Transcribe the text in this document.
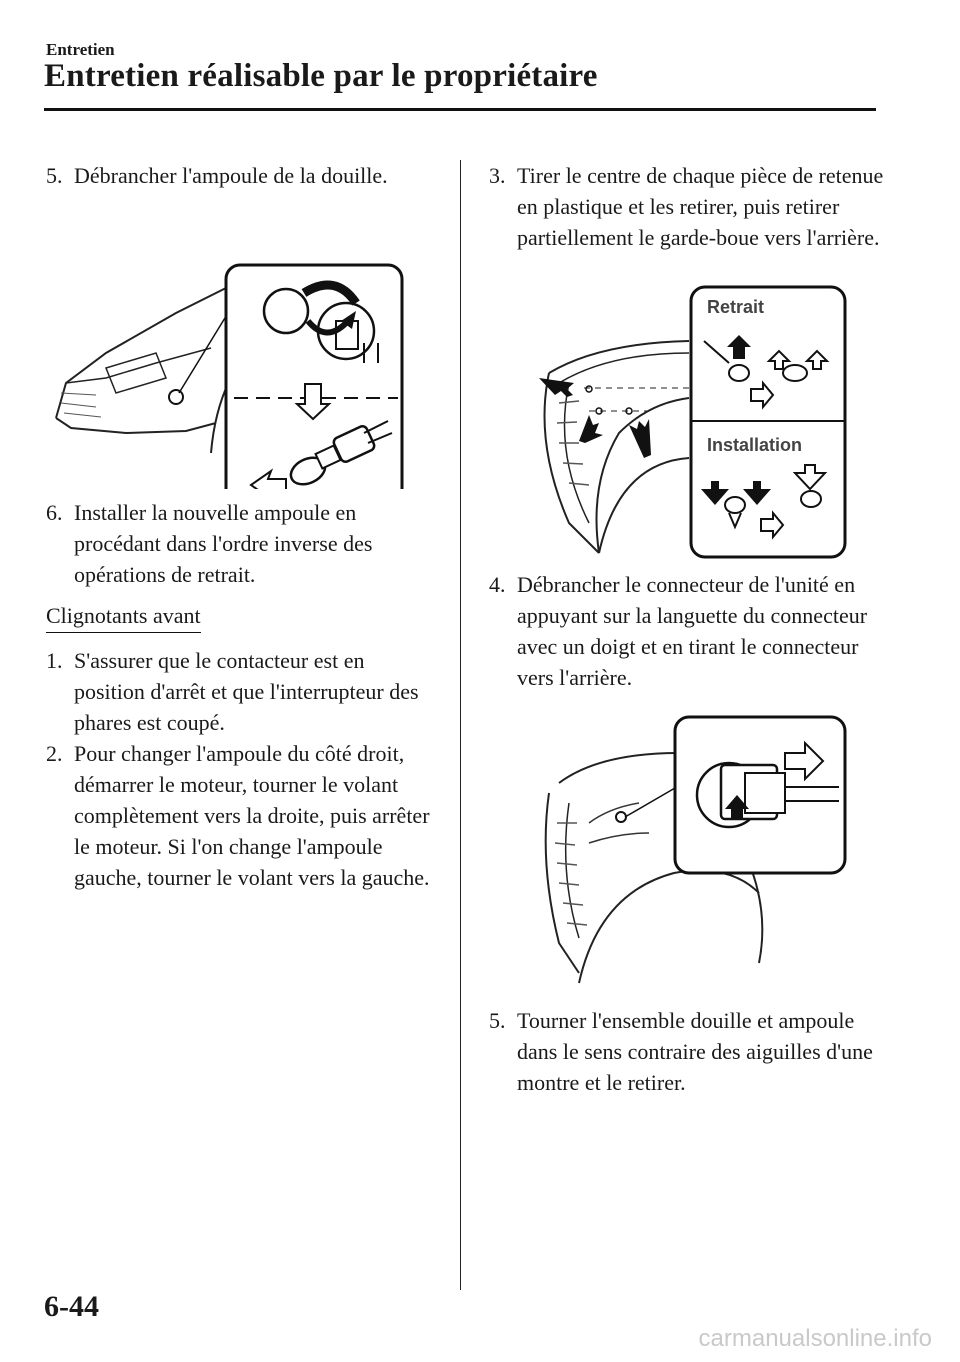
Entretien
Entretien réalisable par le propriétaire

5. Débrancher l'ampoule de la douille.

6. Installer la nouvelle ampoule en procédant dans l'ordre inverse des opérations de retrait.

Clignotants avant

1. S'assurer que le contacteur est en position d'arrêt et que l'interrupteur des phares est coupé.

2. Pour changer l'ampoule du côté droit, démarrer le moteur, tourner le volant complètement vers la droite, puis arrêter le moteur. Si l'on change l'ampoule gauche, tourner le volant vers la gauche.

3. Tirer le centre de chaque pièce de retenue en plastique et les retirer, puis retirer partiellement le garde-boue vers l'arrière.

Retrait
Installation

4. Débrancher le connecteur de l'unité en appuyant sur la languette du connecteur avec un doigt et en tirant le connecteur vers l'arrière.

5. Tourner l'ensemble douille et ampoule dans le sens contraire des aiguilles d'une montre et le retirer.

6-44
carmanualsonline.info
